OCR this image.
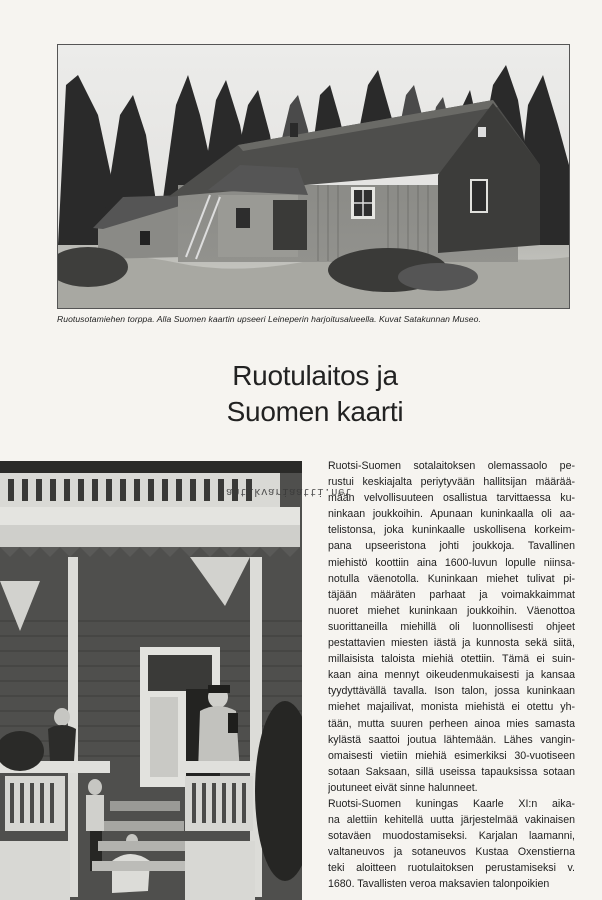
Ruotusotamiehen torppa. Alla Suomen kaartin upseeri Leineperin harjoitusalueella. Kuvat Satakunnan Museo.
Ruotulaitos ja
Suomen kaarti
antikvariaatti.net
Ruotsi-Suomen sotalaitoksen olemassaolo pe-
rustui keskiajalta periytyvään hallitsijan määrää-
mään velvollisuuteen osallistua tarvittaessa ku-
ninkaan joukkoihin. Apunaan kuninkaalla oli aa-
telistonsa, joka kuninkaalle uskollisena korkeim-
pana upseeristona johti joukkoja. Tavallinen
miehistö koottiin aina 1600-luvun lopulle niinsa-
notulla väenotolla. Kuninkaan miehet tulivat pi-
täjään määräten parhaat ja voimakkaimmat
nuoret miehet kuninkaan joukkoihin. Väenottoa
suorittaneilla miehillä oli luonnollisesti ohjeet
pestattavien miesten iästä ja kunnosta sekä siitä,
millaisista taloista miehiä otettiin. Tämä ei suin-
kaan aina mennyt oikeudenmukaisesti ja kansaa
tyydyttävällä tavalla. Ison talon, jossa kuninkaan
miehet majailivat, monista miehistä ei otettu yh-
tään, mutta suuren perheen ainoa mies samasta
kylästä saattoi joutua lähtemään. Lähes vangin-
omaisesti vietiin miehiä esimerkiksi 30-vuotiseen
sotaan Saksaan, sillä useissa tapauksissa sotaan
joutuneet eivät sinne halunneet.
Ruotsi-Suomen kuningas Kaarle XI:n aika-
na alettiin kehitellä uutta järjestelmää vakinaisen
sotaväen muodostamiseksi. Karjalan laamanni,
valtaneuvos ja sotaneuvos Kustaa Oxenstierna
teki aloitteen ruotulaitoksen perustamiseksi v.
1680. Tavallisten veroa maksavien talonpoikien
